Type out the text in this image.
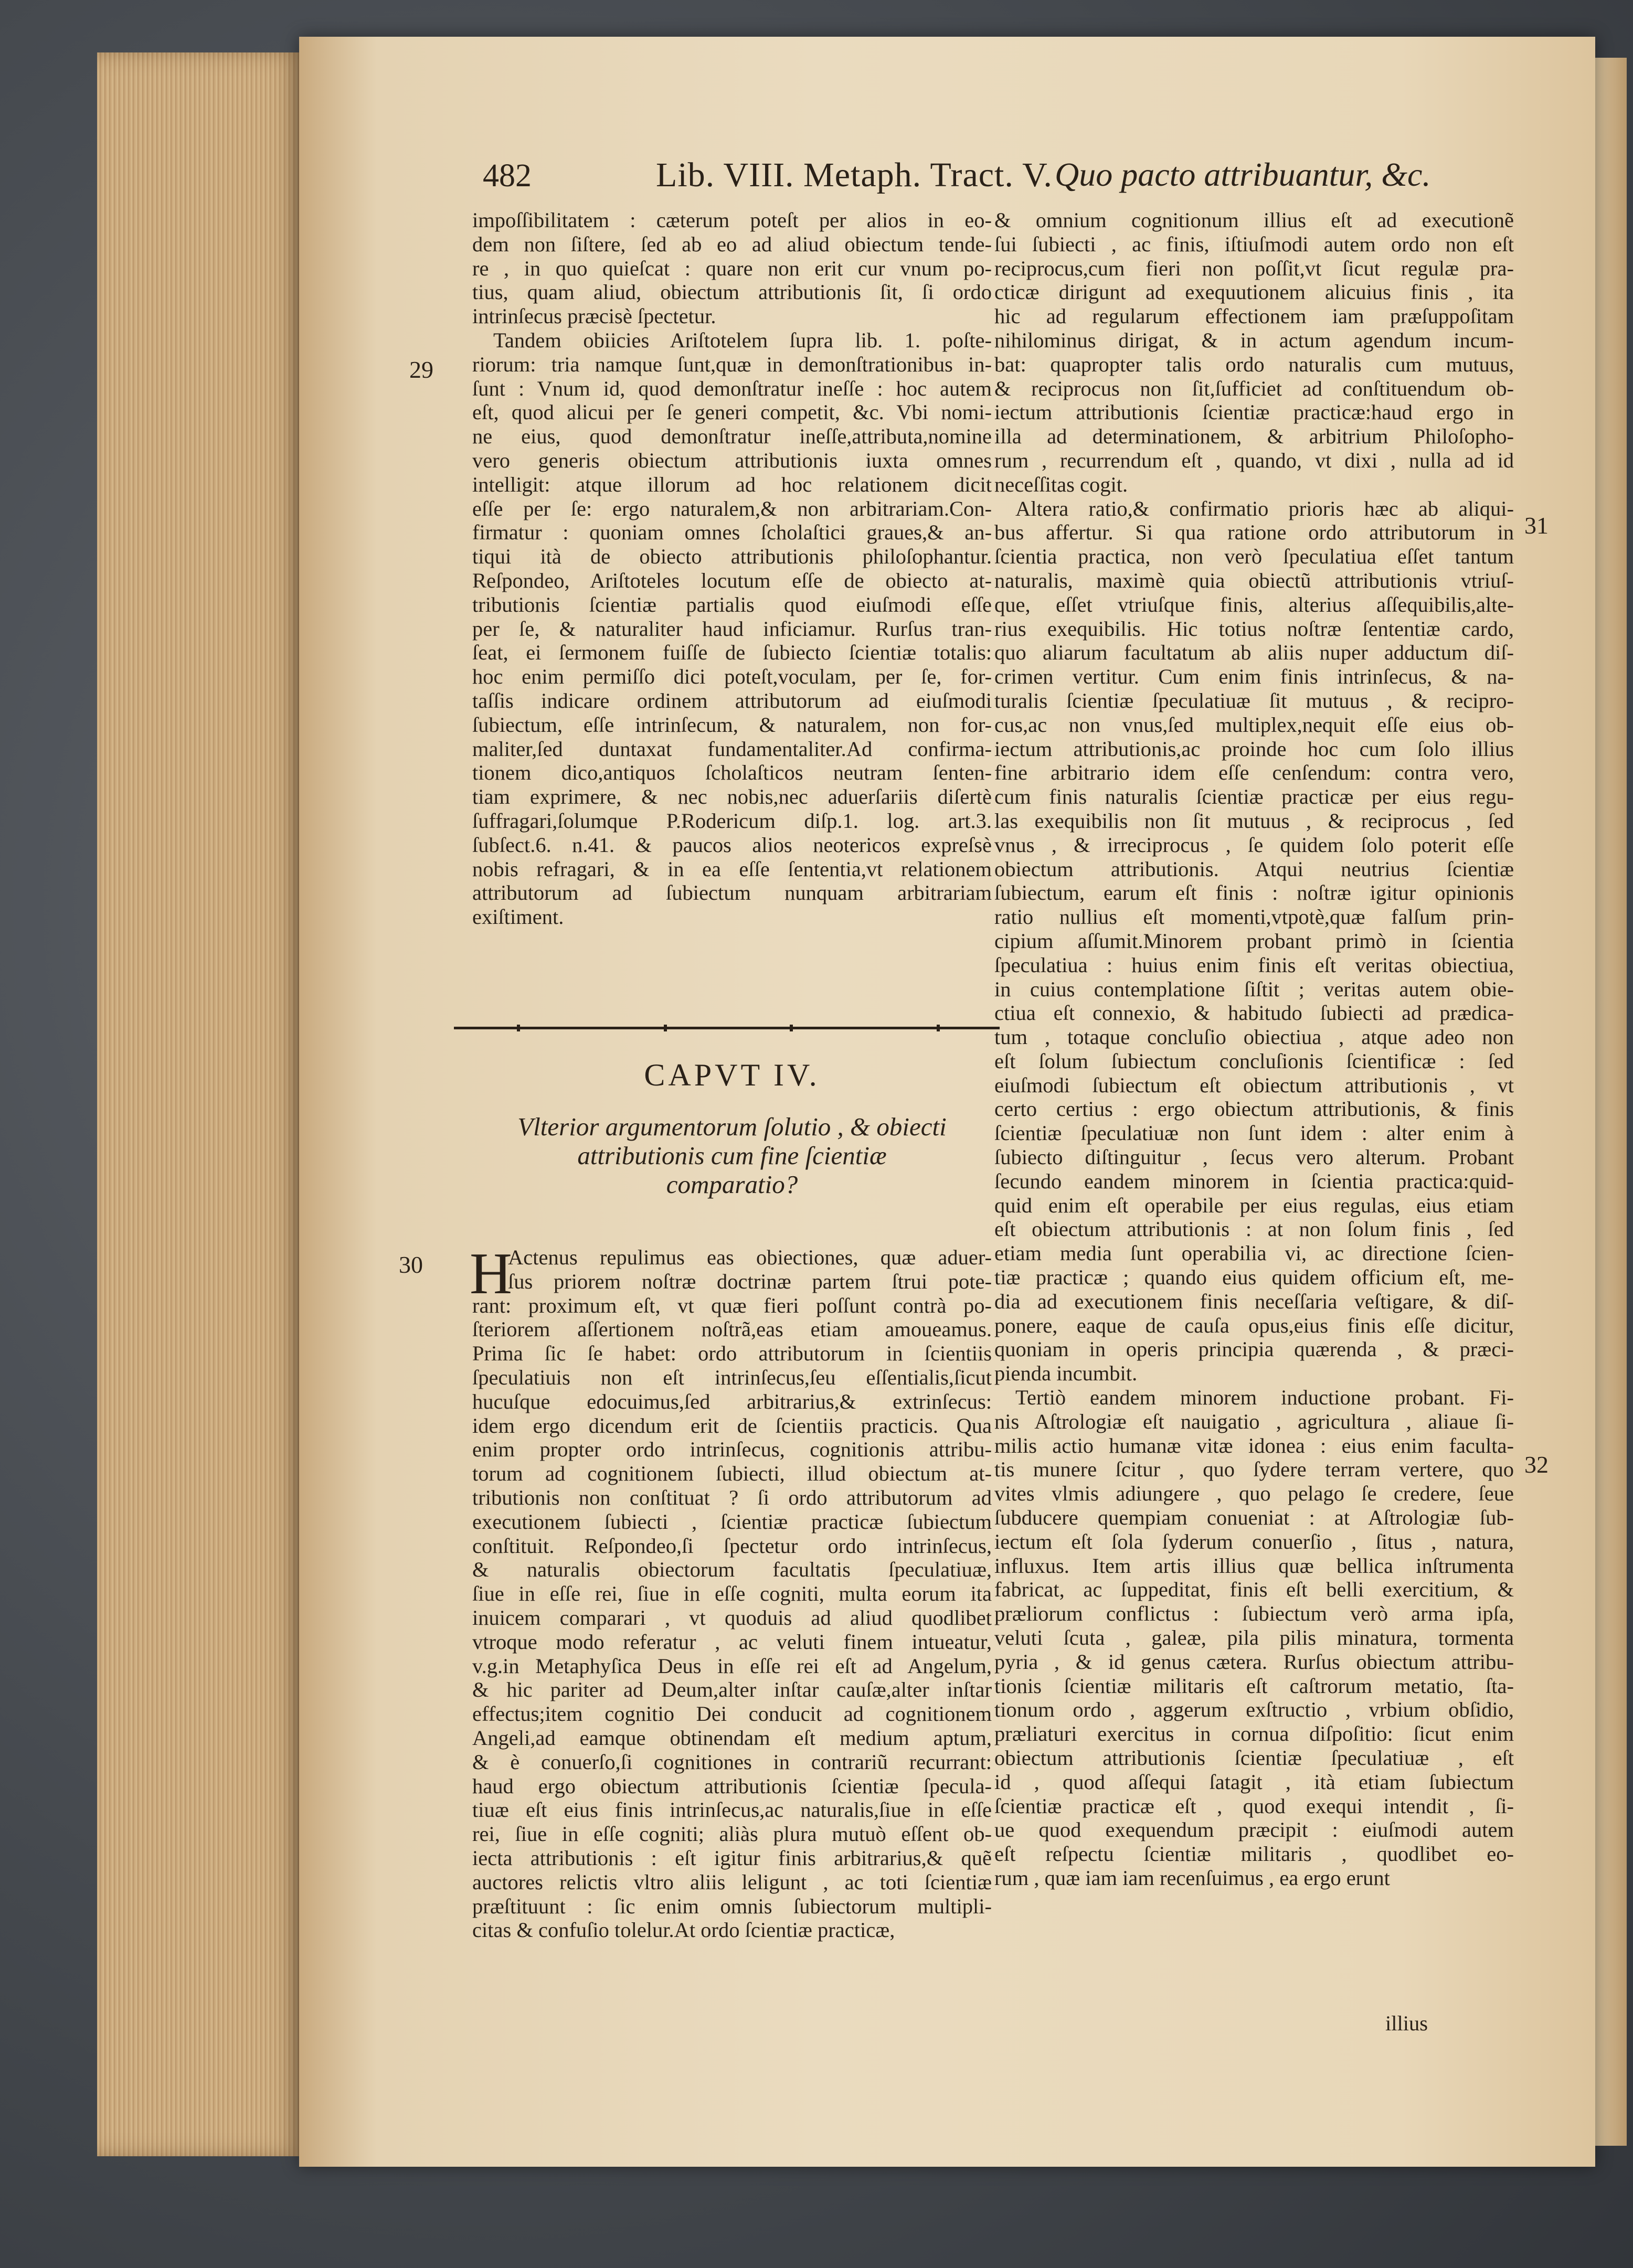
482	Lib. VIII. Metaph. Tract. V. Quo pacto attribuantur, &c.
29
30
31
32
impoſſibilitatem : cæterum poteſt per alios in eo-
dem non ſiſtere, ſed ab eo ad aliud obiectum tende-
re , in quo quieſcat : quare non erit cur vnum po-
tius, quam aliud, obiectum attributionis ſit, ſi ordo
intrinſecus præcisè ſpectetur.
Tandem obiicies Ariſtotelem ſupra lib. 1. poſte-
riorum: tria namque ſunt,quæ in demonſtrationibus in-
ſunt : Vnum id, quod demonſtratur ineſſe : hoc autem
eſt, quod alicui per ſe generi competit, &c. Vbi nomi-
ne eius, quod demonſtratur ineſſe,attributa,nomine
vero generis obiectum attributionis iuxta omnes
intelligit: atque illorum ad hoc relationem dicit
eſſe per ſe: ergo naturalem,& non arbitrariam.Con-
firmatur : quoniam omnes ſcholaſtici graues,& an-
tiqui ità de obiecto attributionis philoſophantur.
Reſpondeo, Ariſtoteles locutum eſſe de obiecto at-
tributionis ſcientiæ partialis quod eiuſmodi eſſe
per ſe, & naturaliter haud inficiamur. Rurſus tran-
ſeat, ei ſermonem fuiſſe de ſubiecto ſcientiæ totalis:
hoc enim permiſſo dici poteſt,voculam, per ſe, for-
taſſis indicare ordinem attributorum ad eiuſmodi
ſubiectum, eſſe intrinſecum, & naturalem, non for-
maliter,ſed duntaxat fundamentaliter.Ad confirma-
tionem dico,antiquos ſcholaſticos neutram ſenten-
tiam exprimere, & nec nobis,nec aduerſariis diſertè
ſuffragari,ſolumque P.Rodericum diſp.1. log. art.3.
ſubſect.6. n.41. & paucos alios neotericos expreſsè
nobis refragari, & in ea eſſe ſententia,vt relationem
attributorum ad ſubiectum nunquam arbitrariam
exiſtiment.
CAPVT IV.
Vlterior argumentorum ſolutio , & obiecti
attributionis cum fine ſcientiæ
comparatio?
H
Actenus repulimus eas obiectiones, quæ aduer-
ſus priorem noſtræ doctrinæ partem ſtrui pote-
rant: proximum eſt, vt quæ fieri poſſunt contrà po-
ſteriorem aſſertionem noſtrã,eas etiam amoueamus.
Prima ſic ſe habet: ordo attributorum in ſcientiis
ſpeculatiuis non eſt intrinſecus,ſeu eſſentialis,ſicut
hucuſque edocuimus,ſed arbitrarius,& extrinſecus:
idem ergo dicendum erit de ſcientiis practicis. Qua
enim propter ordo intrinſecus, cognitionis attribu-
torum ad cognitionem ſubiecti, illud obiectum at-
tributionis non conſtituat ? ſi ordo attributorum ad
executionem ſubiecti , ſcientiæ practicæ ſubiectum
conſtituit. Reſpondeo,ſi ſpectetur ordo intrinſecus,
& naturalis obiectorum facultatis ſpeculatiuæ,
ſiue in eſſe rei, ſiue in eſſe cogniti, multa eorum ita
inuicem comparari , vt quoduis ad aliud quodlibet
vtroque modo referatur , ac veluti finem intueatur,
v.g.in Metaphyſica Deus in eſſe rei eſt ad Angelum,
& hic pariter ad Deum,alter inſtar cauſæ,alter inſtar
effectus;item cognitio Dei conducit ad cognitionem
Angeli,ad eamque obtinendam eſt medium aptum,
& è conuerſo,ſi cognitiones in contrariũ recurrant:
haud ergo obiectum attributionis ſcientiæ ſpecula-
tiuæ eſt eius finis intrinſecus,ac naturalis,ſiue in eſſe
rei, ſiue in eſſe cogniti; aliàs plura mutuò eſſent ob-
iecta attributionis : eſt igitur finis arbitrarius,& quẽ
auctores relictis vltro aliis leligunt , ac toti ſcientiæ
præſtituunt : ſic enim omnis ſubiectorum multipli-
citas & confuſio tolelur.At ordo ſcientiæ practicæ,
& omnium cognitionum illius eſt ad executionẽ
ſui ſubiecti , ac finis, iſtiuſmodi autem ordo non eſt
reciprocus,cum fieri non poſſit,vt ſicut regulæ pra-
cticæ dirigunt ad exequutionem alicuius finis , ita
hic ad regularum effectionem iam præſuppoſitam
nihilominus dirigat, & in actum agendum incum-
bat: quapropter talis ordo naturalis cum mutuus,
& reciprocus non ſit,ſufficiet ad conſtituendum ob-
iectum attributionis ſcientiæ practicæ:haud ergo in
illa ad determinationem, & arbitrium Philoſopho-
rum , recurrendum eſt , quando, vt dixi , nulla ad id
neceſſitas cogit.
Altera ratio,& confirmatio prioris hæc ab aliqui-
bus affertur. Si qua ratione ordo attributorum in
ſcientia practica, non verò ſpeculatiua eſſet tantum
naturalis, maximè quia obiectũ attributionis vtriuſ-
que, eſſet vtriuſque finis, alterius aſſequibilis,alte-
rius exequibilis. Hic totius noſtræ ſententiæ cardo,
quo aliarum facultatum ab aliis nuper adductum diſ-
crimen vertitur. Cum enim finis intrinſecus, & na-
turalis ſcientiæ ſpeculatiuæ ſit mutuus , & recipro-
cus,ac non vnus,ſed multiplex,nequit eſſe eius ob-
iectum attributionis,ac proinde hoc cum ſolo illius
fine arbitrario idem eſſe cenſendum: contra vero,
cum finis naturalis ſcientiæ practicæ per eius regu-
las exequibilis non ſit mutuus , & reciprocus , ſed
vnus , & irreciprocus , ſe quidem ſolo poterit eſſe
obiectum attributionis. Atqui neutrius ſcientiæ
ſubiectum, earum eſt finis : noſtræ igitur opinionis
ratio nullius eſt momenti,vtpotè,quæ falſum prin-
cipium aſſumit.Minorem probant primò in ſcientia
ſpeculatiua : huius enim finis eſt veritas obiectiua,
in cuius contemplatione ſiſtit ; veritas autem obie-
ctiua eſt connexio, & habitudo ſubiecti ad prædica-
tum , totaque concluſio obiectiua , atque adeo non
eſt ſolum ſubiectum concluſionis ſcientificæ : ſed
eiuſmodi ſubiectum eſt obiectum attributionis , vt
certo certius : ergo obiectum attributionis, & finis
ſcientiæ ſpeculatiuæ non ſunt idem : alter enim à
ſubiecto diſtinguitur , ſecus vero alterum. Probant
ſecundo eandem minorem in ſcientia practica:quid-
quid enim eſt operabile per eius regulas, eius etiam
eſt obiectum attributionis : at non ſolum finis , ſed
etiam media ſunt operabilia vi, ac directione ſcien-
tiæ practicæ ; quando eius quidem officium eſt, me-
dia ad executionem finis neceſſaria veſtigare, & diſ-
ponere, eaque de cauſa opus,eius finis eſſe dicitur,
quoniam in operis principia quærenda , & præci-
pienda incumbit.
Tertiò eandem minorem inductione probant. Fi-
nis Aſtrologiæ eſt nauigatio , agricultura , aliaue ſi-
milis actio humanæ vitæ idonea : eius enim faculta-
tis munere ſcitur , quo ſydere terram vertere, quo
vites vlmis adiungere , quo pelago ſe credere, ſeue
ſubducere quempiam conueniat : at Aſtrologiæ ſub-
iectum eſt ſola ſyderum conuerſio , ſitus , natura,
influxus. Item artis illius quæ bellica inſtrumenta
fabricat, ac ſuppeditat, finis eſt belli exercitium, &
præliorum conflictus : ſubiectum verò arma ipſa,
veluti ſcuta , galeæ, pila pilis minatura, tormenta
pyria , & id genus cætera. Rurſus obiectum attribu-
tionis ſcientiæ militaris eſt caſtrorum metatio, ſta-
tionum ordo , aggerum exſtructio , vrbium obſidio,
præliaturi exercitus in cornua diſpoſitio: ſicut enim
obiectum attributionis ſcientiæ ſpeculatiuæ , eſt
id , quod aſſequi ſatagit , ità etiam ſubiectum
ſcientiæ practicæ eſt , quod exequi intendit , ſi-
ue quod exequendum præcipit : eiuſmodi autem
eſt reſpectu ſcientiæ militaris , quodlibet eo-
rum , quæ iam iam recenſuimus , ea ergo erunt
illius
